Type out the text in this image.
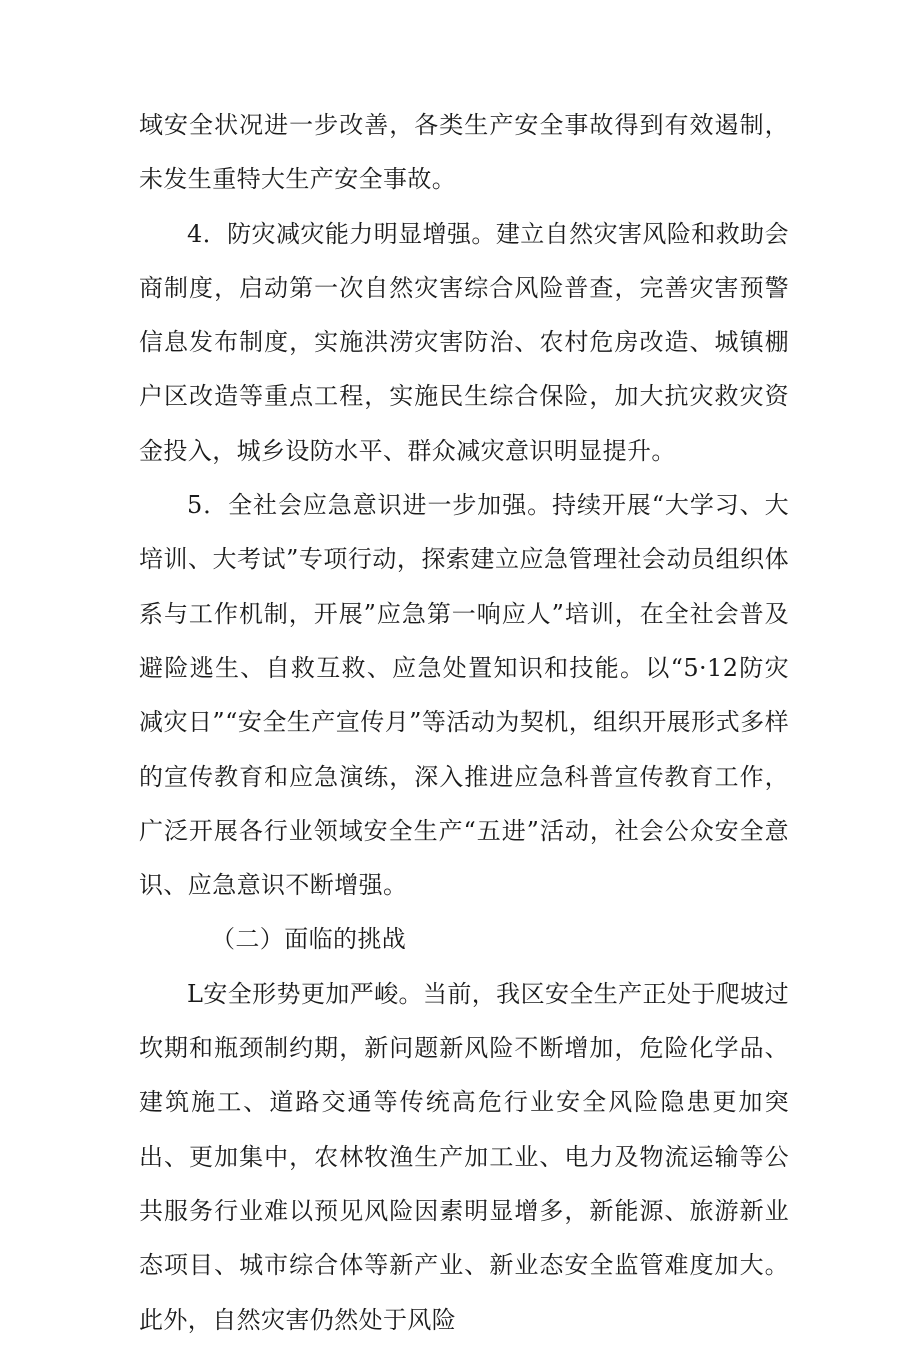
域安全状况进一步改善，各类生产安全事故得到有效遏制，未发生重特大生产安全事故。

4．防灾减灾能力明显增强。建立自然灾害风险和救助会商制度，启动第一次自然灾害综合风险普查，完善灾害预警信息发布制度，实施洪涝灾害防治、农村危房改造、城镇棚户区改造等重点工程，实施民生综合保险，加大抗灾救灾资金投入，城乡设防水平、群众减灾意识明显提升。

5．全社会应急意识进一步加强。持续开展“大学习、大培训、大考试”专项行动，探索建立应急管理社会动员组织体系与工作机制，开展”应急第一响应人”培训，在全社会普及避险逃生、自救互救、应急处置知识和技能。以“5·12防灾减灾日”“安全生产宣传月”等活动为契机，组织开展形式多样的宣传教育和应急演练，深入推进应急科普宣传教育工作，广泛开展各行业领域安全生产“五进”活动，社会公众安全意识、应急意识不断增强。

（二）面临的挑战

L安全形势更加严峻。当前，我区安全生产正处于爬坡过坎期和瓶颈制约期，新问题新风险不断增加，危险化学品、建筑施工、道路交通等传统高危行业安全风险隐患更加突出、更加集中，农林牧渔生产加工业、电力及物流运输等公共服务行业难以预见风险因素明显增多，新能源、旅游新业态项目、城市综合体等新产业、新业态安全监管难度加大。此外，自然灾害仍然处于风险
